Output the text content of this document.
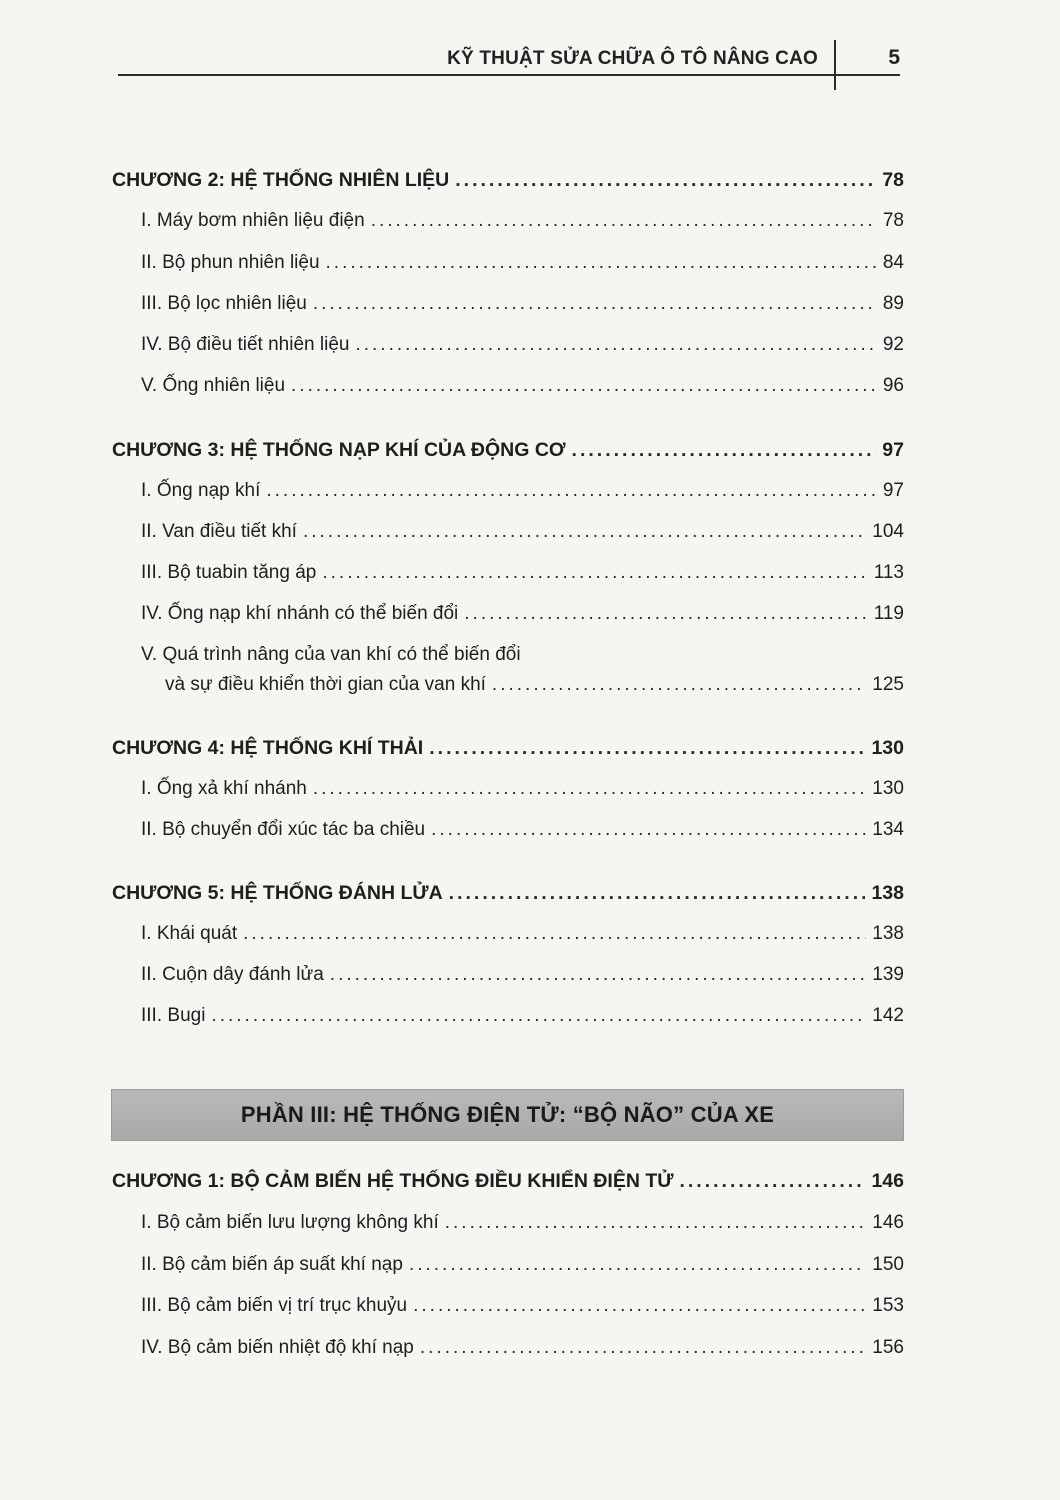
KỸ THUẬT SỬA CHỮA Ô TÔ NÂNG CAO	5
CHƯƠNG 2: HỆ THỐNG NHIÊN LIỆU .....	78
I. Máy bơm nhiên liệu điện .....	78
II. Bộ phun nhiên liệu .....	84
III. Bộ lọc nhiên liệu .....	89
IV. Bộ điều tiết nhiên liệu .....	92
V. Ống nhiên liệu .....	96
CHƯƠNG 3: HỆ THỐNG NẠP KHÍ CỦA ĐỘNG CƠ .....	97
I. Ống nạp khí .....	97
II. Van điều tiết khí .....	104
III. Bộ tuabin tăng áp .....	113
IV. Ống nạp khí nhánh có thể biến đổi .....	119
V. Quá trình nâng của van khí có thể biến đổi
và sự điều khiển thời gian của van khí .....	125
CHƯƠNG 4: HỆ THỐNG KHÍ THẢI .....	130
I. Ống xả khí nhánh .....	130
II. Bộ chuyển đổi xúc tác ba chiều .....	134
CHƯƠNG 5: HỆ THỐNG ĐÁNH LỬA .....	138
I. Khái quát .....	138
II. Cuộn dây đánh lửa .....	139
III. Bugi .....	142
CHƯƠNG 1: BỘ CẢM BIẾN HỆ THỐNG ĐIỀU KHIỂN ĐIỆN TỬ .....	146
I. Bộ cảm biến lưu lượng không khí .....	146
II. Bộ cảm biến áp suất khí nạp .....	150
III. Bộ cảm biến vị trí trục khuỷu .....	153
IV. Bộ cảm biến nhiệt độ khí nạp .....	156
PHẦN III: HỆ THỐNG ĐIỆN TỬ: “BỘ NÃO” CỦA XE
